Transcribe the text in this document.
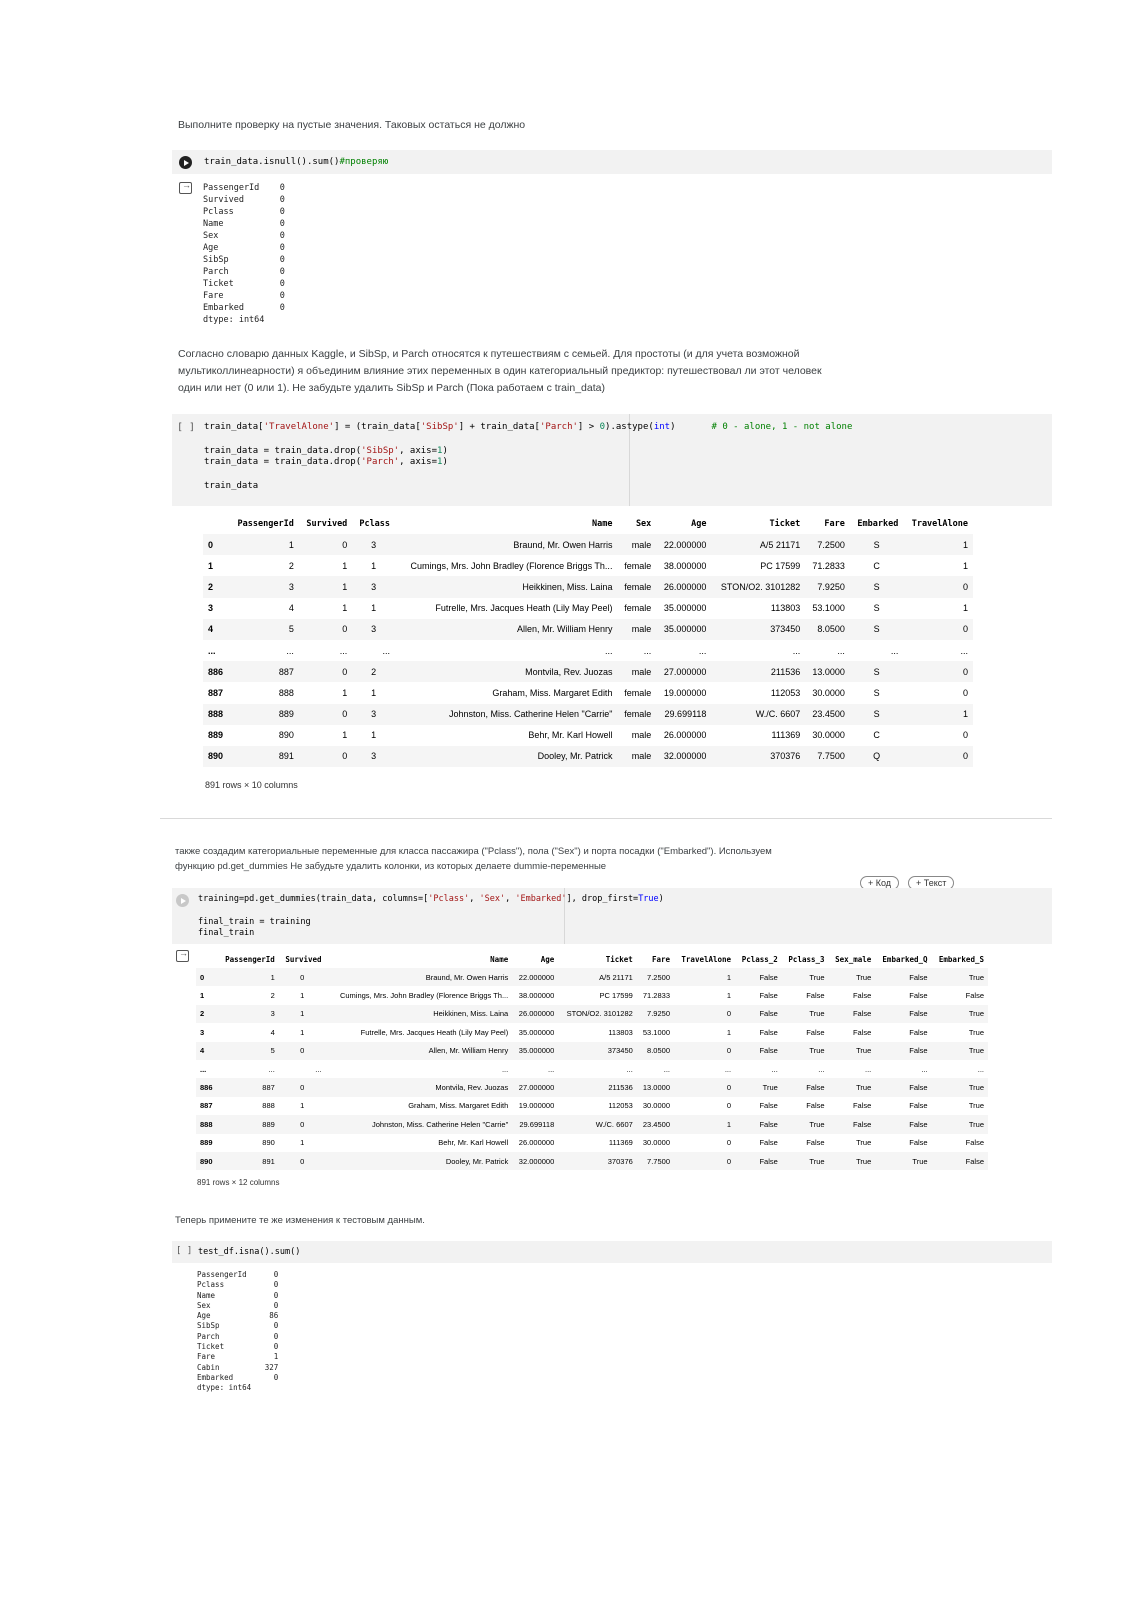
Выполните проверку на пустые значения. Таковых остаться не должно
train_data.isnull().sum()#проверяю
→
PassengerId    0
Survived       0
Pclass         0
Name           0
Sex            0
Age            0
SibSp          0
Parch          0
Ticket         0
Fare           0
Embarked       0
dtype: int64
Согласно словарю данных Kaggle, и SibSp, и Parch относятся к путешествиям с семьей. Для простоты (и для учета возможной
мультиколлинеарности) я объединим влияние этих переменных в один категориальный предиктор: путешествовал ли этот человек
один или нет (0 или 1). Не забудьте удалить SibSp и Parch (Пока работаем с train_data)
[ ] train_data['TravelAlone'] = (train_data['SibSp'] + train_data['Parch'] > 0).astype(int)	# 0 - alone, 1 - not alone
train_data = train_data.drop('SibSp', axis=1)
train_data = train_data.drop('Parch', axis=1)
train_data
	PassengerId	Survived	Pclass	Name	Sex	Age	Ticket	Fare	Embarked	TravelAlone
0	1	0	3	Braund, Mr. Owen Harris	male	22.000000	A/5 21171	7.2500	S	1
1	2	1	1	Cumings, Mrs. John Bradley (Florence Briggs Th...	female	38.000000	PC 17599	71.2833	C	1
2	3	1	3	Heikkinen, Miss. Laina	female	26.000000	STON/O2. 3101282	7.9250	S	0
3	4	1	1	Futrelle, Mrs. Jacques Heath (Lily May Peel)	female	35.000000	113803	53.1000	S	1
4	5	0	3	Allen, Mr. William Henry	male	35.000000	373450	8.0500	S	0
...	...	...	...	...	...	...	...	...	...	...
886	887	0	2	Montvila, Rev. Juozas	male	27.000000	211536	13.0000	S	0
887	888	1	1	Graham, Miss. Margaret Edith	female	19.000000	112053	30.0000	S	0
888	889	0	3	Johnston, Miss. Catherine Helen "Carrie"	female	29.699118	W./C. 6607	23.4500	S	1
889	890	1	1	Behr, Mr. Karl Howell	male	26.000000	111369	30.0000	C	0
890	891	0	3	Dooley, Mr. Patrick	male	32.000000	370376	7.7500	Q	0
891 rows × 10 columns
также создадим категориальные переменные для класса пассажира ("Pclass"), пола ("Sex") и порта посадки ("Embarked"). Используем
функцию pd.get_dummies Не забудьте удалить колонки, из которых делаете dummie-переменные
+ Код	+ Текст
training=pd.get_dummies(train_data, columns=['Pclass', 'Sex', 'Embarked'], drop_first=True)
final_train = training
final_train
→
	PassengerId	Survived	Name	Age	Ticket	Fare	TravelAlone	Pclass_2	Pclass_3	Sex_male	Embarked_Q	Embarked_S
0	1	0	Braund, Mr. Owen Harris	22.000000	A/5 21171	7.2500	1	False	True	True	False	True
1	2	1	Cumings, Mrs. John Bradley (Florence Briggs Th...	38.000000	PC 17599	71.2833	1	False	False	False	False	False
2	3	1	Heikkinen, Miss. Laina	26.000000	STON/O2. 3101282	7.9250	0	False	True	False	False	True
3	4	1	Futrelle, Mrs. Jacques Heath (Lily May Peel)	35.000000	113803	53.1000	1	False	False	False	False	True
4	5	0	Allen, Mr. William Henry	35.000000	373450	8.0500	0	False	True	True	False	True
...	...	...	...	...	...	...	...	...	...	...	...	...
886	887	0	Montvila, Rev. Juozas	27.000000	211536	13.0000	0	True	False	True	False	True
887	888	1	Graham, Miss. Margaret Edith	19.000000	112053	30.0000	0	False	False	False	False	True
888	889	0	Johnston, Miss. Catherine Helen "Carrie"	29.699118	W./C. 6607	23.4500	1	False	True	False	False	True
889	890	1	Behr, Mr. Karl Howell	26.000000	111369	30.0000	0	False	False	True	False	False
890	891	0	Dooley, Mr. Patrick	32.000000	370376	7.7500	0	False	True	True	True	False
891 rows × 12 columns
Теперь примените те же изменения к тестовым данным.
[ ] test_df.isna().sum()
PassengerId      0
Pclass           0
Name             0
Sex              0
Age             86
SibSp            0
Parch            0
Ticket           0
Fare             1
Cabin          327
Embarked         0
dtype: int64
